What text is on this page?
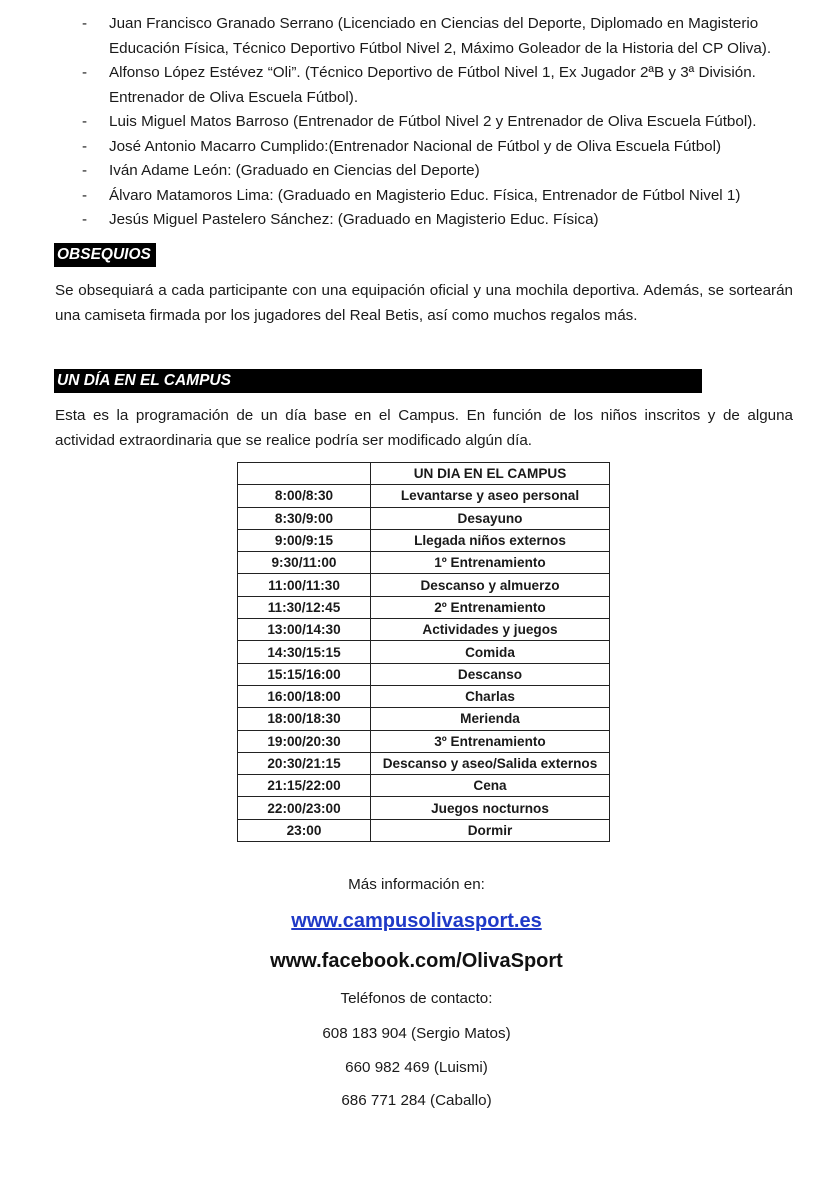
- Juan Francisco Granado Serrano (Licenciado en Ciencias del Deporte, Diplomado en Magisterio
Educación Física, Técnico Deportivo Fútbol Nivel 2, Máximo Goleador de la Historia del CP Oliva).
- Alfonso López Estévez “Oli”. (Técnico Deportivo de Fútbol Nivel 1, Ex Jugador 2ªB y 3ª División.
Entrenador de Oliva Escuela Fútbol).
- Luis Miguel Matos Barroso (Entrenador de Fútbol Nivel 2 y Entrenador de Oliva Escuela Fútbol).
- José Antonio Macarro Cumplido:(Entrenador Nacional de Fútbol y de Oliva Escuela Fútbol)
- Iván Adame León: (Graduado en Ciencias del Deporte)
- Álvaro Matamoros Lima: (Graduado en Magisterio Educ. Física, Entrenador de Fútbol Nivel 1)
- Jesús Miguel Pastelero Sánchez: (Graduado en Magisterio Educ. Física)
OBSEQUIOS

Se obsequiará a cada participante con una equipación oficial y una mochila deportiva. Además, se sortearán una camiseta firmada por los jugadores del Real Betis, así como muchos regalos más.

UN DÍA EN EL CAMPUS

Esta es la programación de un día base en el Campus. En función de los niños inscritos y de alguna actividad extraordinaria que se realice podría ser modificado algún día.

	UN DIA EN EL CAMPUS
8:00/8:30	Levantarse y aseo personal
8:30/9:00	Desayuno
9:00/9:15	Llegada niños externos
9:30/11:00	1º Entrenamiento
11:00/11:30	Descanso y almuerzo
11:30/12:45	2º Entrenamiento
13:00/14:30	Actividades y juegos
14:30/15:15	Comida
15:15/16:00	Descanso
16:00/18:00	Charlas
18:00/18:30	Merienda
19:00/20:30	3º Entrenamiento
20:30/21:15	Descanso y aseo/Salida externos
21:15/22:00	Cena
22:00/23:00	Juegos nocturnos
23:00	Dormir
Más información en:
www.campusolivasport.es
www.facebook.com/OlivaSport
Teléfonos de contacto:
608 183 904 (Sergio Matos)
660 982 469 (Luismi)
686 771 284 (Caballo)
